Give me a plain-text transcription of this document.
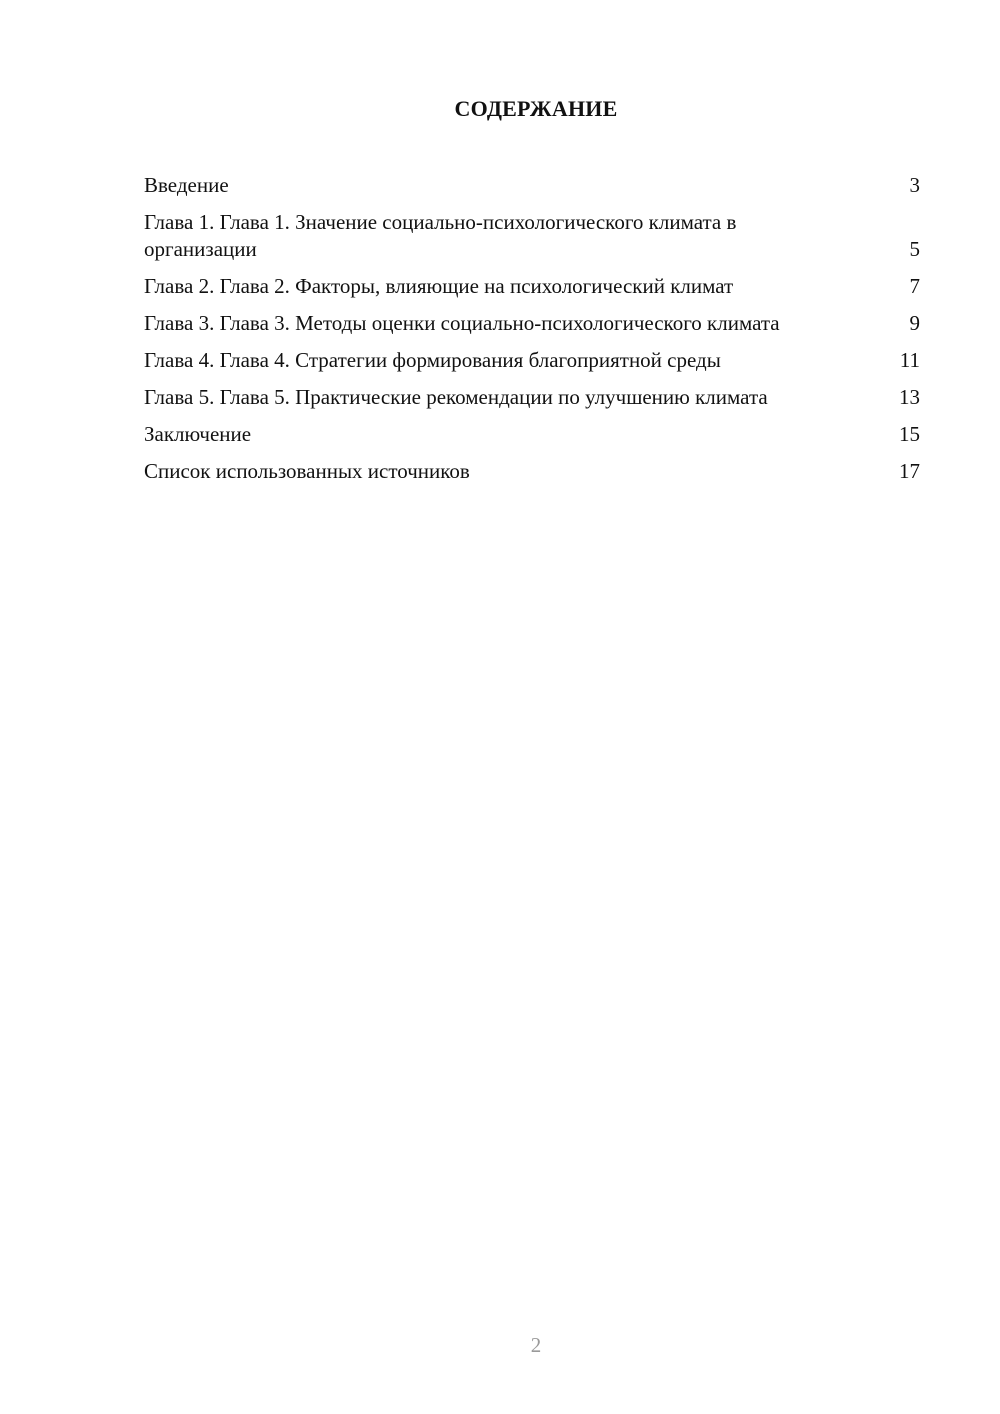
СОДЕРЖАНИЕ
Введение	3
Глава 1. Глава 1. Значение социально-психологического климата в организации	5
Глава 2. Глава 2. Факторы, влияющие на психологический климат	7
Глава 3. Глава 3. Методы оценки социально-психологического климата	9
Глава 4. Глава 4. Стратегии формирования благоприятной среды	11
Глава 5. Глава 5. Практические рекомендации по улучшению климата	13
Заключение	15
Список использованных источников	17
2
